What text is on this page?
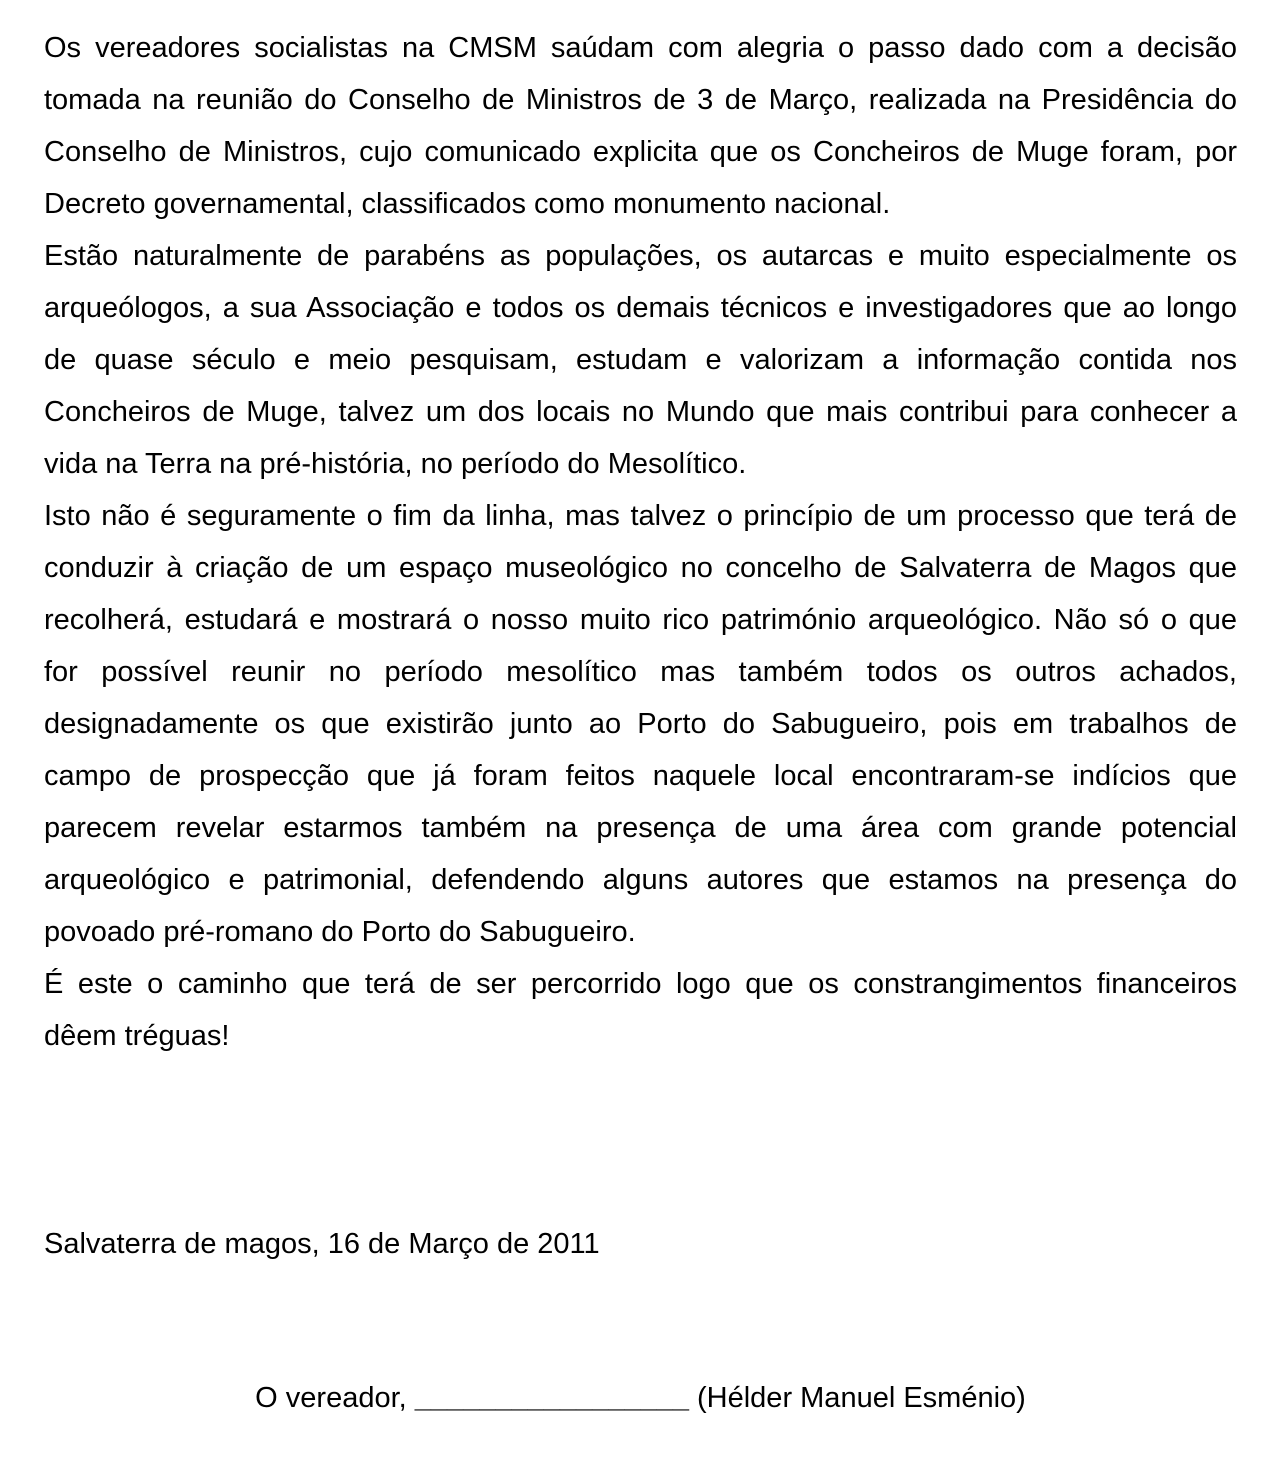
Os vereadores socialistas na CMSM saúdam com alegria o passo dado com a decisão
tomada na reunião do Conselho de Ministros de 3 de Março, realizada na Presidência do
Conselho de Ministros, cujo comunicado explicita que os Concheiros de Muge foram, por
Decreto governamental, classificados como monumento nacional.
Estão naturalmente de parabéns as populações, os autarcas e muito especialmente os
arqueólogos, a sua Associação e todos os demais técnicos e investigadores que ao longo
de quase século e meio pesquisam, estudam e valorizam a informação contida nos
Concheiros de Muge, talvez um dos locais no Mundo que mais contribui para conhecer a
vida na Terra na pré-história, no período do Mesolítico.
Isto não é seguramente o fim da linha, mas talvez o princípio de um processo que terá de
conduzir à criação de um espaço museológico no concelho de Salvaterra de Magos que
recolherá, estudará e mostrará o nosso muito rico património arqueológico. Não só o que
for possível reunir no período mesolítico mas também todos os outros achados,
designadamente os que existirão junto ao Porto do Sabugueiro, pois em trabalhos de
campo de prospecção que já foram feitos naquele local encontraram-se indícios que
parecem revelar estarmos também na presença de uma área com grande potencial
arqueológico e patrimonial, defendendo alguns autores que estamos na presença do
povoado pré-romano do Porto do Sabugueiro.
É este o caminho que terá de ser percorrido logo que os constrangimentos financeiros
dêem tréguas!
Salvaterra de magos, 16 de Março de 2011
O vereador, _________________ (Hélder Manuel Esménio)
